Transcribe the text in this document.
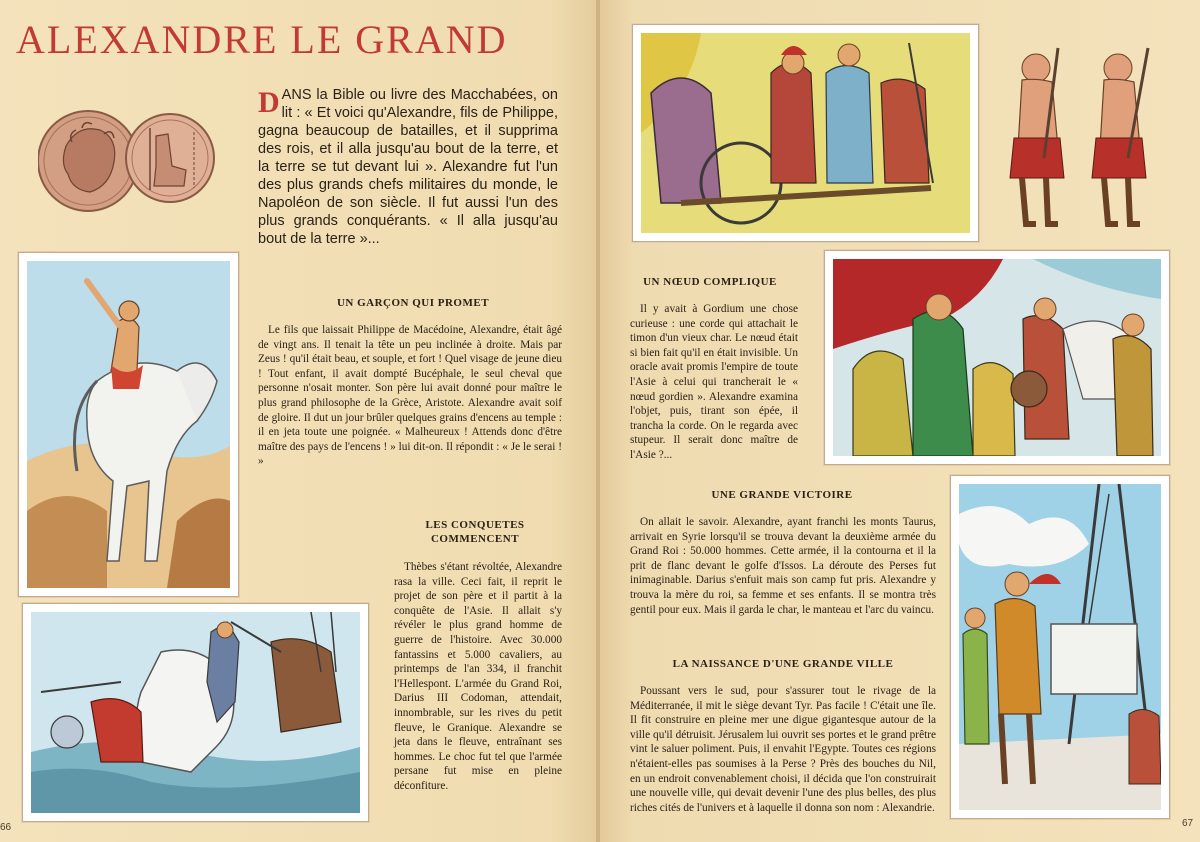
ALEXANDRE LE GRAND

DANS la Bible ou livre des Macchabées, on lit : « Et voici qu'Alexandre, fils de Philippe, gagna beaucoup de batailles, et il supprima des rois, et il alla jusqu'au bout de la terre, et la terre se tut devant lui ». Alexandre fut l'un des plus grands chefs militaires du monde, le Napoléon de son siècle. Il fut aussi l'un des plus grands conquérants. « Il alla jusqu'au bout de la terre »...

UN GARÇON QUI PROMET

Le fils que laissait Philippe de Macédoine, Alexandre, était âgé de vingt ans. Il tenait la tête un peu inclinée à droite. Mais par Zeus ! qu'il était beau, et souple, et fort ! Quel visage de jeune dieu ! Tout enfant, il avait dompté Bucéphale, le seul cheval que personne n'osait monter. Son père lui avait donné pour maître le plus grand philosophe de la Grèce, Aristote. Alexandre avait soif de gloire. Il dut un jour brûler quelques grains d'encens au temple : il en jeta toute une poignée. « Malheureux ! Attends donc d'être maître des pays de l'encens ! » lui dit-on. Il répondit : « Je le serai ! »

LES CONQUETES COMMENCENT

Thèbes s'étant révoltée, Alexandre rasa la ville. Ceci fait, il reprit le projet de son père et il partit à la conquête de l'Asie. Il allait s'y révéler le plus grand homme de guerre de l'histoire. Avec 30.000 fantassins et 5.000 cavaliers, au printemps de l'an 334, il franchit l'Hellespont. L'armée du Grand Roi, Darius III Codoman, attendait, innombrable, sur les rives du petit fleuve, le Granique. Alexandre se jeta dans le fleuve, entraînant ses hommes. Le choc fut tel que l'armée persane fut mise en pleine déconfiture.

66
UN NŒUD COMPLIQUE

Il y avait à Gordium une chose curieuse : une corde qui attachait le timon d'un vieux char. Le nœud était si bien fait qu'il en était invisible. Un oracle avait promis l'empire de toute l'Asie à celui qui trancherait le « nœud gordien ». Alexandre examina l'objet, puis, tirant son épée, il trancha la corde. On le regarda avec stupeur. Il serait donc maître de l'Asie ?...

UNE GRANDE VICTOIRE

On allait le savoir. Alexandre, ayant franchi les monts Taurus, arrivait en Syrie lorsqu'il se trouva devant la deuxième armée du Grand Roi : 50.000 hommes. Cette armée, il la contourna et il la prit de flanc devant le golfe d'Issos. La déroute des Perses fut inimaginable. Darius s'enfuit mais son camp fut pris. Alexandre y trouva la mère du roi, sa femme et ses enfants. Il se montra très gentil pour eux. Mais il garda le char, le manteau et l'arc du vaincu.

LA NAISSANCE D'UNE GRANDE VILLE

Poussant vers le sud, pour s'assurer tout le rivage de la Méditerranée, il mit le siège devant Tyr. Pas facile ! C'était une île. Il fit construire en pleine mer une digue gigantesque autour de la ville qu'il détruisit. Jérusalem lui ouvrit ses portes et le grand prêtre vint le saluer poliment. Puis, il envahit l'Egypte. Toutes ces régions n'étaient-elles pas soumises à la Perse ? Près des bouches du Nil, en un endroit convenablement choisi, il décida que l'on construirait une nouvelle ville, qui devait devenir l'une des plus belles, des plus riches cités de l'univers et à laquelle il donna son nom : Alexandrie.

67
